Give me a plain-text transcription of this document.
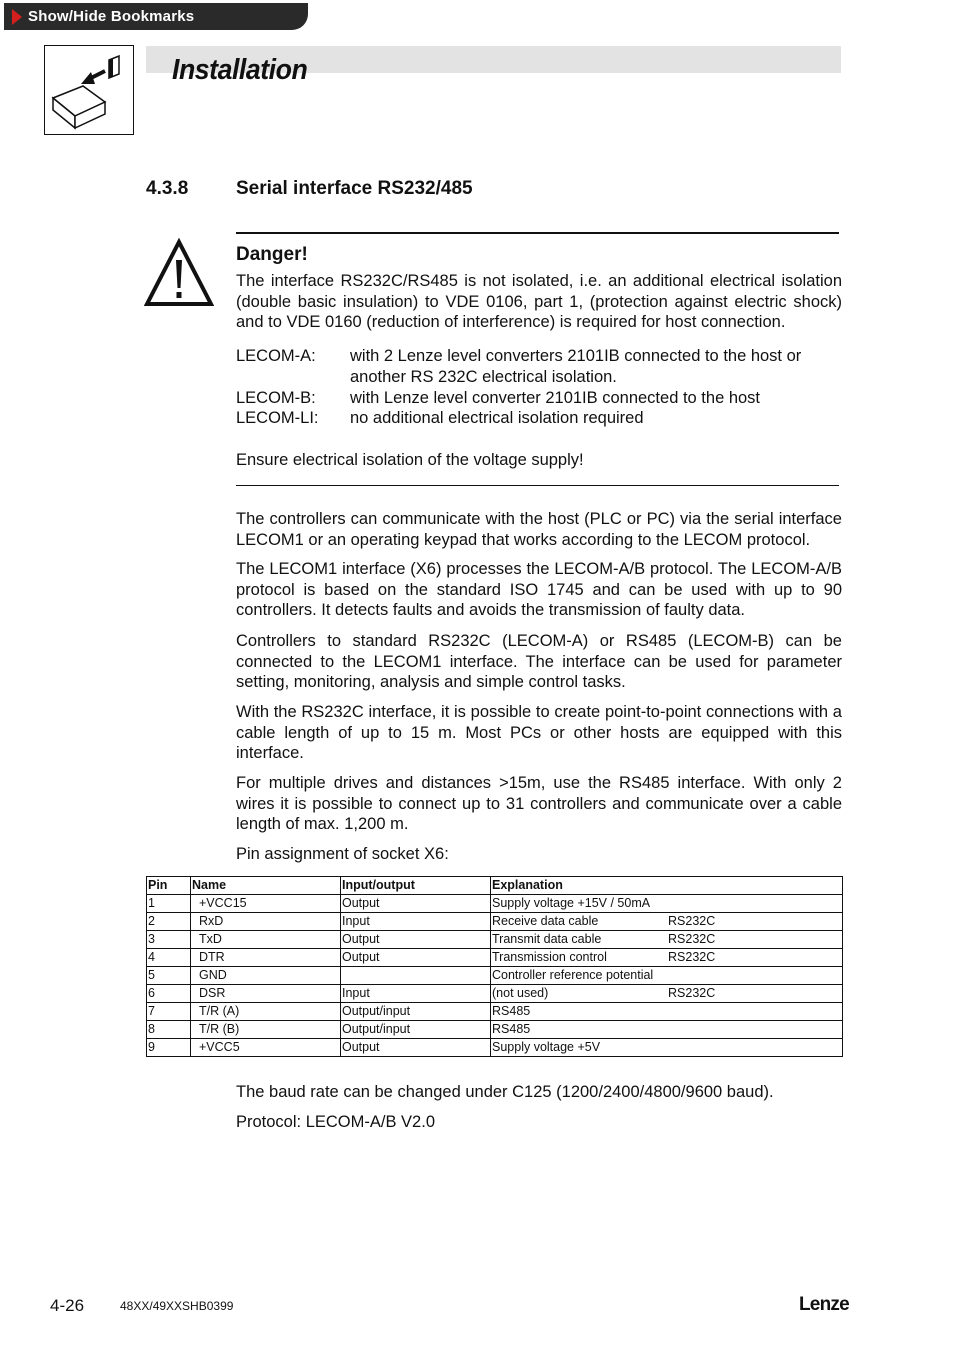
Show/Hide Bookmarks
Installation
4.3.8	Serial interface RS232/485
Danger!
The interface RS232C/RS485 is not isolated, i.e. an additional electrical isolation (double basic insulation) to VDE 0106, part 1, (protection against electric shock) and to VDE 0160 (reduction of interference) is required for host connection.
LECOM-A: with 2 Lenze level converters 2101IB connected to the host or another RS 232C electrical isolation.
LECOM-B: with Lenze level converter 2101IB connected to the host
LECOM-LI: no additional electrical isolation required
Ensure electrical isolation of the voltage supply!
The controllers can communicate with the host (PLC or PC) via the serial interface LECOM1 or an operating keypad that works according to the LECOM protocol.
The LECOM1 interface (X6) processes the LECOM-A/B protocol. The LECOM-A/B protocol is based on the standard ISO 1745 and can be used with up to 90 controllers. It detects faults and avoids the transmission of faulty data.
Controllers to standard RS232C (LECOM-A) or RS485 (LECOM-B) can be connected to the LECOM1 interface. The interface can be used for parameter setting, monitoring, analysis and simple control tasks.
With the RS232C interface, it is possible to create point-to-point connections with a cable length of up to 15 m. Most PCs or other hosts are equipped with this interface.
For multiple drives and distances >15m, use the RS485 interface. With only 2 wires it is possible to connect up to 31 controllers and communicate over a cable length of max. 1,200 m.
Pin assignment of socket X6:
Pin	Name	Input/output	Explanation
1	+VCC15	Output	Supply voltage +15V / 50mA

2	RxD	Input	Receive data cable RS232C

3	TxD	Output	Transmit data cable RS232C

4	DTR	Output	Transmission control RS232C

5	GND		Controller reference potential

6	DSR	Input	(not used) RS232C

7	T/R (A)	Output/input	RS485

8	T/R (B)	Output/input	RS485

9	+VCC5	Output	Supply voltage +5V
The baud rate can be changed under C125 (1200/2400/4800/9600 baud).
Protocol: LECOM-A/B V2.0
4-26	48XX/49XXSHB0399	Lenze
